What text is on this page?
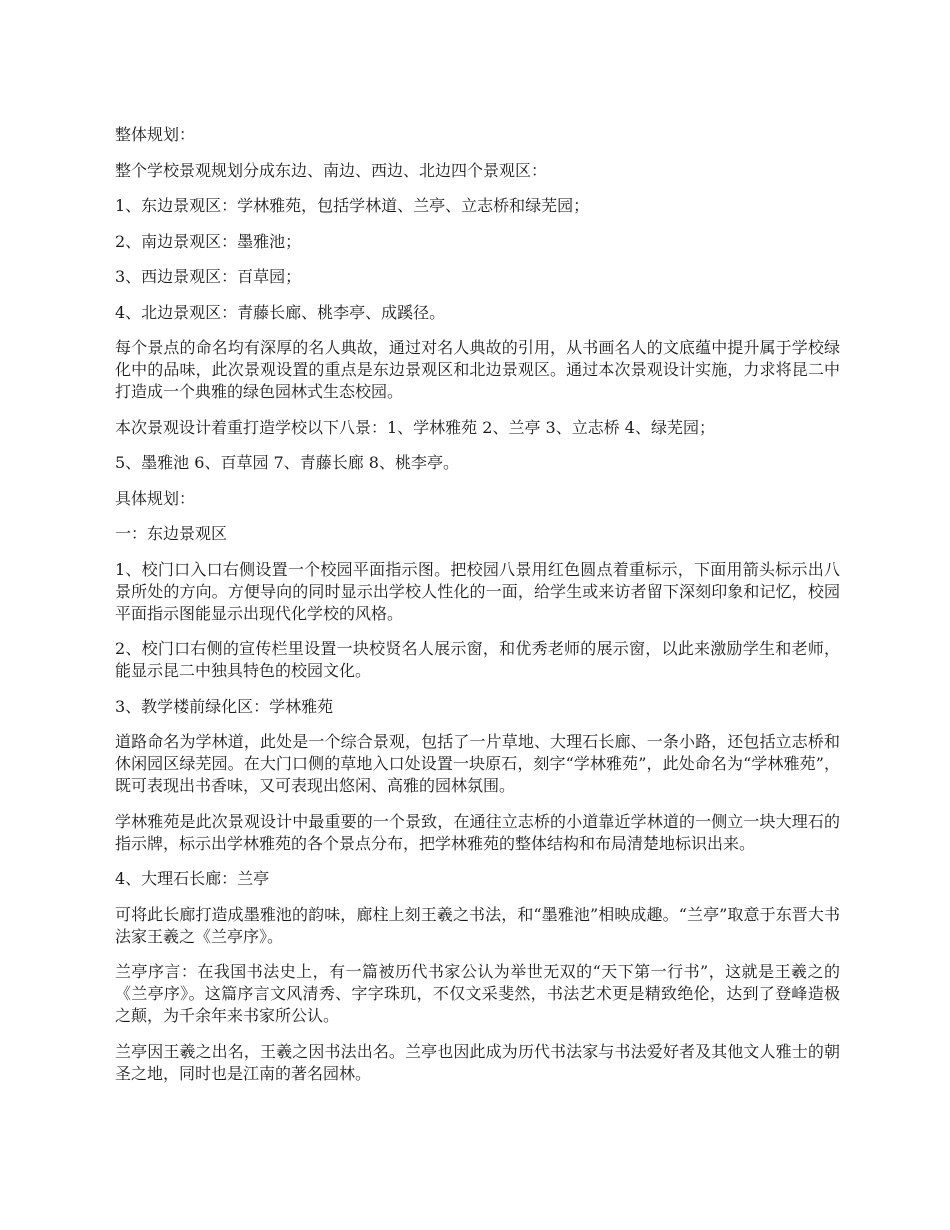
整体规划：

整个学校景观规划分成东边、南边、西边、北边四个景观区：

1、东边景观区：学林雅苑，包括学林道、兰亭、立志桥和绿芜园；

2、南边景观区：墨雅池；

3、西边景观区：百草园；

4、北边景观区：青藤长廊、桃李亭、成蹊径。

每个景点的命名均有深厚的名人典故，通过对名人典故的引用，从书画名人的文底蕴中提升属于学校绿化中的品味，此次景观设置的重点是东边景观区和北边景观区。通过本次景观设计实施，力求将昆二中打造成一个典雅的绿色园林式生态校园。

本次景观设计着重打造学校以下八景：1、学林雅苑 2、兰亭 3、立志桥 4、绿芜园；

5、墨雅池 6、百草园 7、青藤长廊 8、桃李亭。

具体规划：

一：东边景观区

1、校门口入口右侧设置一个校园平面指示图。把校园八景用红色圆点着重标示，下面用箭头标示出八景所处的方向。方便导向的同时显示出学校人性化的一面，给学生或来访者留下深刻印象和记忆，校园平面指示图能显示出现代化学校的风格。

2、校门口右侧的宣传栏里设置一块校贤名人展示窗，和优秀老师的展示窗，以此来激励学生和老师，能显示昆二中独具特色的校园文化。

3、教学楼前绿化区：学林雅苑

道路命名为学林道，此处是一个综合景观，包括了一片草地、大理石长廊、一条小路，还包括立志桥和休闲园区绿芜园。在大门口侧的草地入口处设置一块原石，刻字“学林雅苑”，此处命名为“学林雅苑”，既可表现出书香味，又可表现出悠闲、高雅的园林氛围。

学林雅苑是此次景观设计中最重要的一个景致，在通往立志桥的小道靠近学林道的一侧立一块大理石的指示牌，标示出学林雅苑的各个景点分布，把学林雅苑的整体结构和布局清楚地标识出来。

4、大理石长廊：兰亭

可将此长廊打造成墨雅池的韵味，廊柱上刻王羲之书法，和“墨雅池”相映成趣。“兰亭”取意于东晋大书法家王羲之《兰亭序》。

兰亭序言：在我国书法史上，有一篇被历代书家公认为举世无双的“天下第一行书”，这就是王羲之的《兰亭序》。这篇序言文风清秀、字字珠玑，不仅文采斐然，书法艺术更是精致绝伦，达到了登峰造极之颠，为千余年来书家所公认。

兰亭因王羲之出名，王羲之因书法出名。兰亭也因此成为历代书法家与书法爱好者及其他文人雅士的朝圣之地，同时也是江南的著名园林。
